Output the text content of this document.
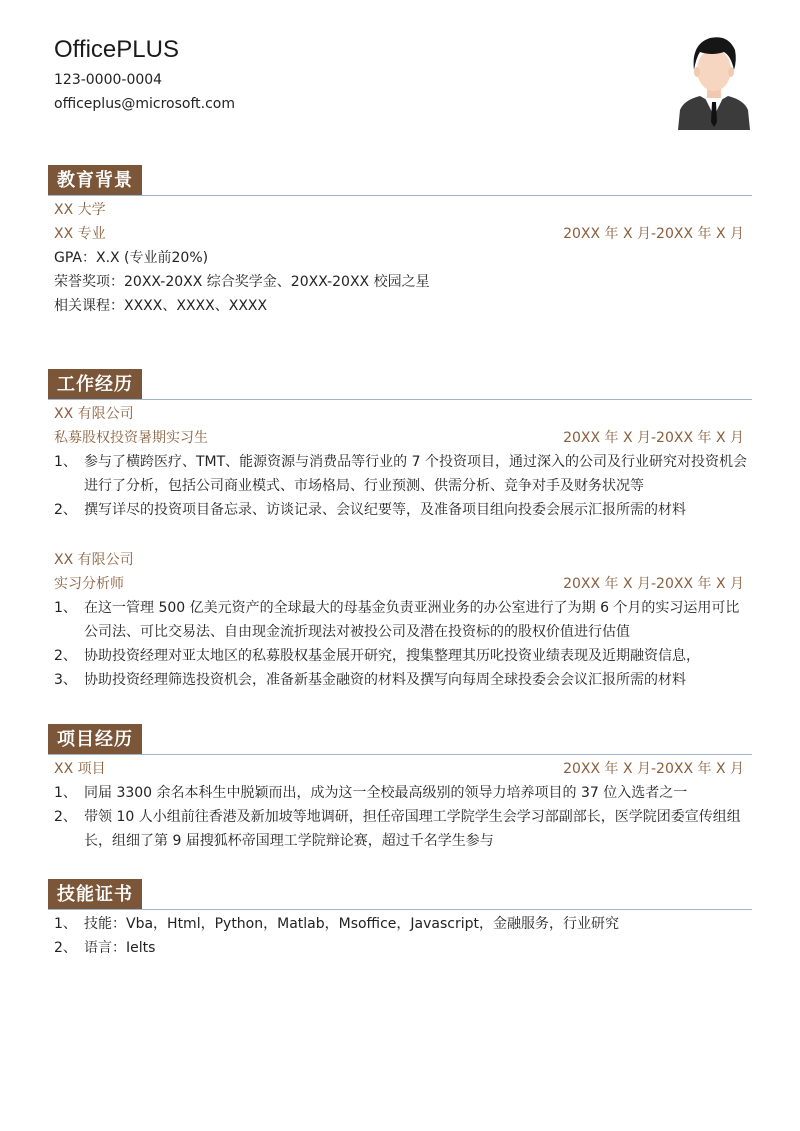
OfficePLUS
123-0000-0004
officeplus@microsoft.com
教育背景
XX 大学
XX 专业	20XX 年 X 月-20XX 年 X 月
GPA：X.X (专业前20%)
荣誉奖项：20XX-20XX 综合奖学金、20XX-20XX 校园之星
相关课程：XXXX、XXXX、XXXX
工作经历
XX 有限公司
私募股权投资暑期实习生	20XX 年 X 月-20XX 年 X 月
1、 参与了横跨医疗、TMT、能源资源与消费品等行业的 7 个投资项目，通过深入的公司及行业研究对投资机会进行了分析，包括公司商业模式、市场格局、行业预测、供需分析、竞争对手及财务状况等
2、 撰写详尽的投资项目备忘录、访谈记录、会议纪要等，及准备项目组向投委会展示汇报所需的材料
XX 有限公司
实习分析师	20XX 年 X 月-20XX 年 X 月
1、 在这一管理 500 亿美元资产的全球最大的母基金负责亚洲业务的办公室进行了为期 6 个月的实习运用可比公司法、可比交易法、自由现金流折现法对被投公司及潜在投资标的的股权价值进行估值
2、 协助投资经理对亚太地区的私募股权基金展开研究，搜集整理其历叱投资业绩表现及近期融资信息，
3、 协助投资经理筛选投资机会，准备新基金融资的材料及撰写向每周全球投委会会议汇报所需的材料
项目经历
XX 项目	20XX 年 X 月-20XX 年 X 月
1、 同届 3300 余名本科生中脱颖而出，成为这一全校最高级别的领导力培养项目的 37 位入选者之一
2、 带领 10 人小组前往香港及新加坡等地调研，担任帝国理工学院学生会学习部副部长，医学院团委宣传组组长，组细了第 9 届搜狐杯帝国理工学院辩论赛，超过千名学生参与
技能证书
1、 技能：Vba，Html，Python，Matlab，Msoffice，Javascript，金融服务，行业研究
2、 语言：Ielts
